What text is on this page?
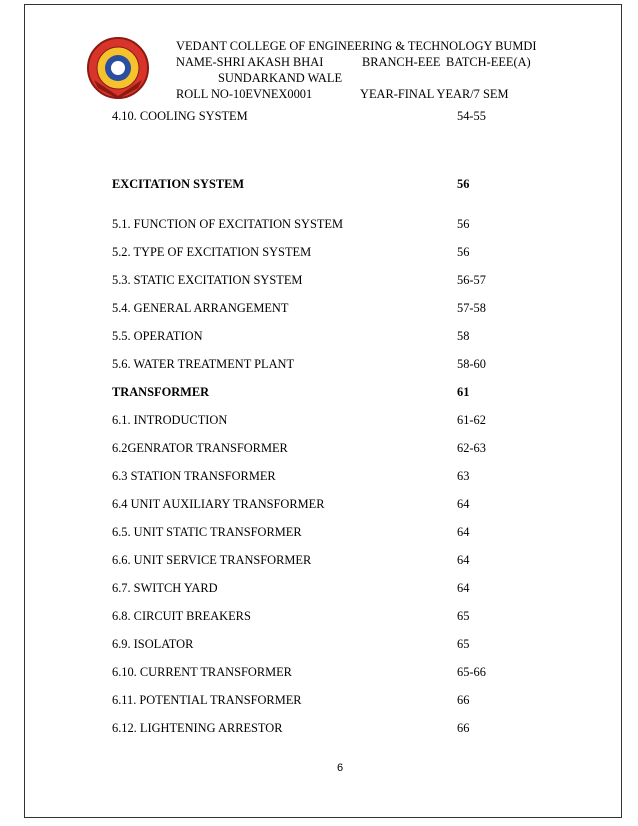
VEDANT COLLEGE OF ENGINEERING & TECHNOLOGY BUMDI
NAME-SHRI AKASH BHAI	BRANCH-EEE BATCH-EEE(A)
SUNDARKAND WALE
ROLL NO-10EVNEX0001	YEAR-FINAL YEAR/7 SEM
4.10. COOLING SYSTEM	54-55
EXCITATION SYSTEM	56
5.1. FUNCTION OF EXCITATION SYSTEM	56
5.2. TYPE OF EXCITATION SYSTEM	56
5.3. STATIC EXCITATION SYSTEM	56-57
5.4. GENERAL ARRANGEMENT	57-58
5.5. OPERATION	58
5.6. WATER TREATMENT PLANT	58-60
TRANSFORMER	61
6.1. INTRODUCTION	61-62
6.2GENRATOR TRANSFORMER	62-63
6.3 STATION TRANSFORMER	63
6.4 UNIT AUXILIARY TRANSFORMER	64
6.5. UNIT STATIC TRANSFORMER	64
6.6. UNIT SERVICE TRANSFORMER	64
6.7. SWITCH YARD	64
6.8. CIRCUIT BREAKERS	65
6.9. ISOLATOR	65
6.10. CURRENT TRANSFORMER	65-66
6.11. POTENTIAL TRANSFORMER	66
6.12. LIGHTENING ARRESTOR	66
6
